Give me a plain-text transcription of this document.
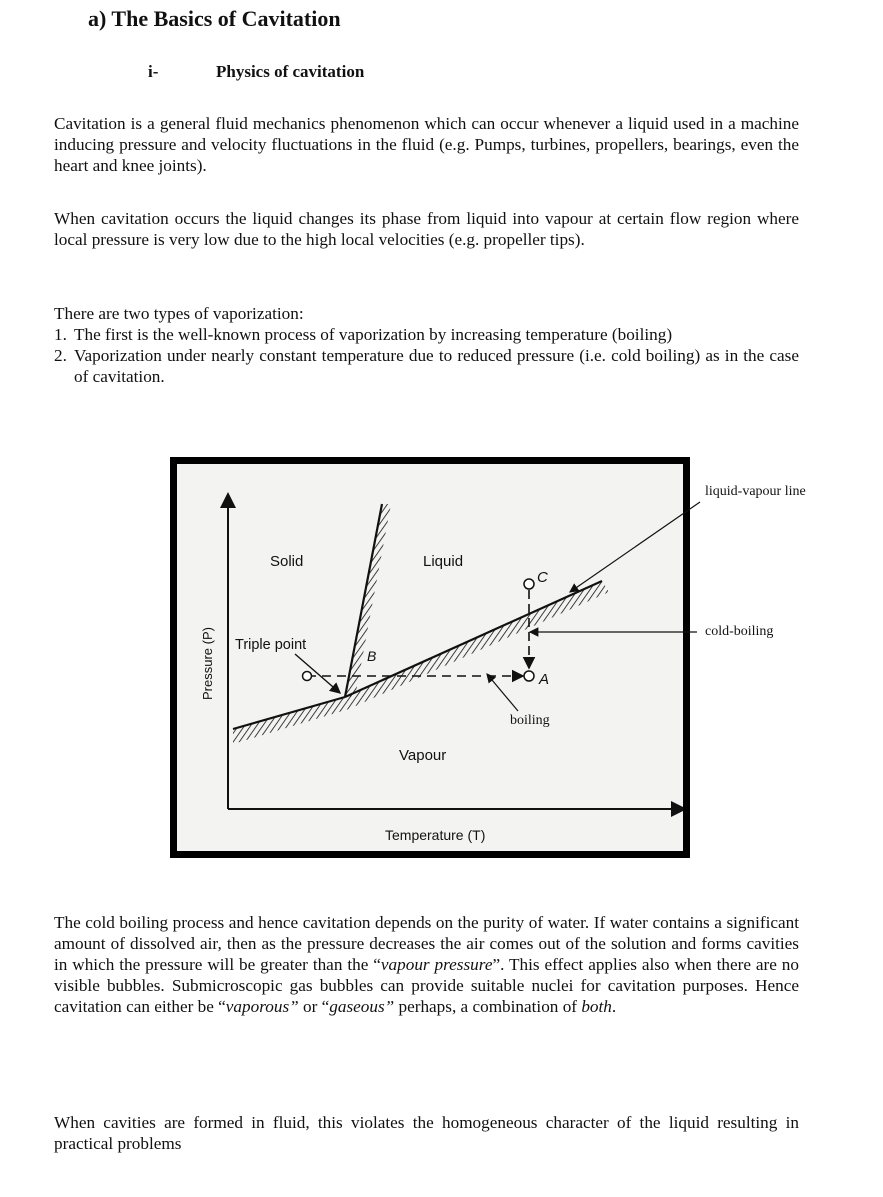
a) The Basics of Cavitation
i-	Physics of cavitation
Cavitation is a general fluid mechanics phenomenon which can occur whenever a liquid used in a machine inducing pressure and velocity fluctuations in the fluid (e.g. Pumps, turbines, propellers, bearings, even the heart and knee joints).
When cavitation occurs the liquid changes its phase from liquid into vapour at certain flow region where local pressure is very low due to the high local velocities (e.g. propeller tips).
There are two types of vaporization:
1. The first is the well-known process of vaporization by increasing temperature (boiling)
2. Vaporization under nearly constant temperature due to reduced pressure (i.e. cold boiling) as in the case of cavitation.
Solid	Liquid
Vapour
Triple point
B
A
C
Temperature (T)
Pressure (P)
liquid-vapour line
cold-boiling
boiling
The cold boiling process and hence cavitation depends on the purity of water. If water contains a significant amount of dissolved air, then as the pressure decreases the air comes out of the solution and forms cavities in which the pressure will be greater than the “vapour pressure”. This effect applies also when there are no visible bubbles. Submicroscopic gas bubbles can provide suitable nuclei for cavitation purposes. Hence cavitation can either be “vaporous” or “gaseous” perhaps, a combination of both.
When cavities are formed in fluid, this violates the homogeneous character of the liquid resulting in practical problems
